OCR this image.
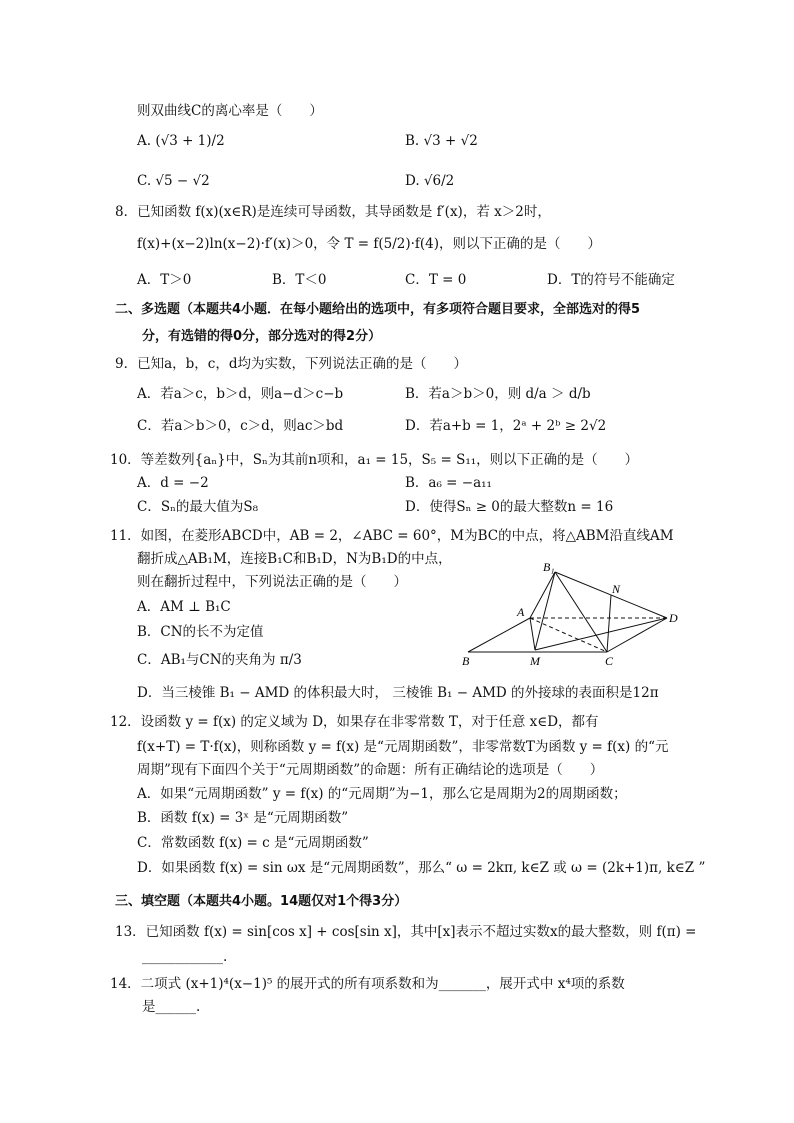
则双曲线C的离心率是（　　）
A. (√3 + 1)/2	B. √3 + √2
C. √5 − √2	D. √6/2
8．已知函数 f(x)(x∈R)是连续可导函数，其导函数是 f′(x)，若 x＞2时，
f(x)+(x−2)ln(x−2)·f′(x)＞0，令 T = f(5/2)·f(4)，则以下正确的是（　　）
A．T＞0	B．T＜0	C．T = 0	D．T的符号不能确定
二、多选题（本题共4小题．在每小题给出的选项中，有多项符合题目要求，全部选对的得5
分，有选错的得0分，部分选对的得2分）
9．已知a，b，c，d均为实数，下列说法正确的是（　　）
A．若a＞c，b＞d，则a−d＞c−b	B．若a＞b＞0，则 d/a ＞ d/b
C．若a＞b＞0，c＞d，则ac＞bd	D．若a+b = 1，2ᵃ + 2ᵇ ≥ 2√2
10．等差数列{aₙ}中，Sₙ为其前n项和，a₁ = 15，S₅ = S₁₁，则以下正确的是（　　）
A．d = −2	B．a₆ = −a₁₁
C．Sₙ的最大值为S₈	D．使得Sₙ ≥ 0的最大整数n = 16
11．如图，在菱形ABCD中，AB = 2，∠ABC = 60°，M为BC的中点，将△ABM沿直线AM
翻折成△AB₁M，连接B₁C和B₁D，N为B₁D的中点，
则在翻折过程中，下列说法正确的是（　　）
A．AM ⊥ B₁C
B．CN的长不为定值
C．AB₁与CN的夹角为 π/3
D．当三棱锥 B₁ − AMD 的体积最大时， 三棱锥 B₁ − AMD 的外接球的表面积是12π
B₁
N
A	D
B	M	C
12．设函数 y = f(x) 的定义域为 D，如果存在非零常数 T，对于任意 x∈D，都有
f(x+T) = T·f(x)，则称函数 y = f(x) 是“元周期函数”，非零常数T为函数 y = f(x) 的“元
周期”现有下面四个关于“元周期函数”的命题：所有正确结论的选项是（　　）
A．如果“元周期函数” y = f(x) 的“元周期”为−1，那么它是周期为2的周期函数；
B．函数 f(x) = 3ˣ 是“元周期函数”
C．常数函数 f(x) = c 是“元周期函数”
D．如果函数 f(x) = sin ωx 是“元周期函数”，那么“ ω = 2kπ, k∈Z 或 ω = (2k+1)π, k∈Z ”
三、填空题（本题共4小题。14题仅对1个得3分）
13．已知函数 f(x) = sin[cos x] + cos[sin x]，其中[x]表示不超过实数x的最大整数，则 f(π) =
____________.
14．二项式 (x+1)⁴(x−1)⁵ 的展开式的所有项系数和为_______，展开式中 x⁴项的系数
是______.
